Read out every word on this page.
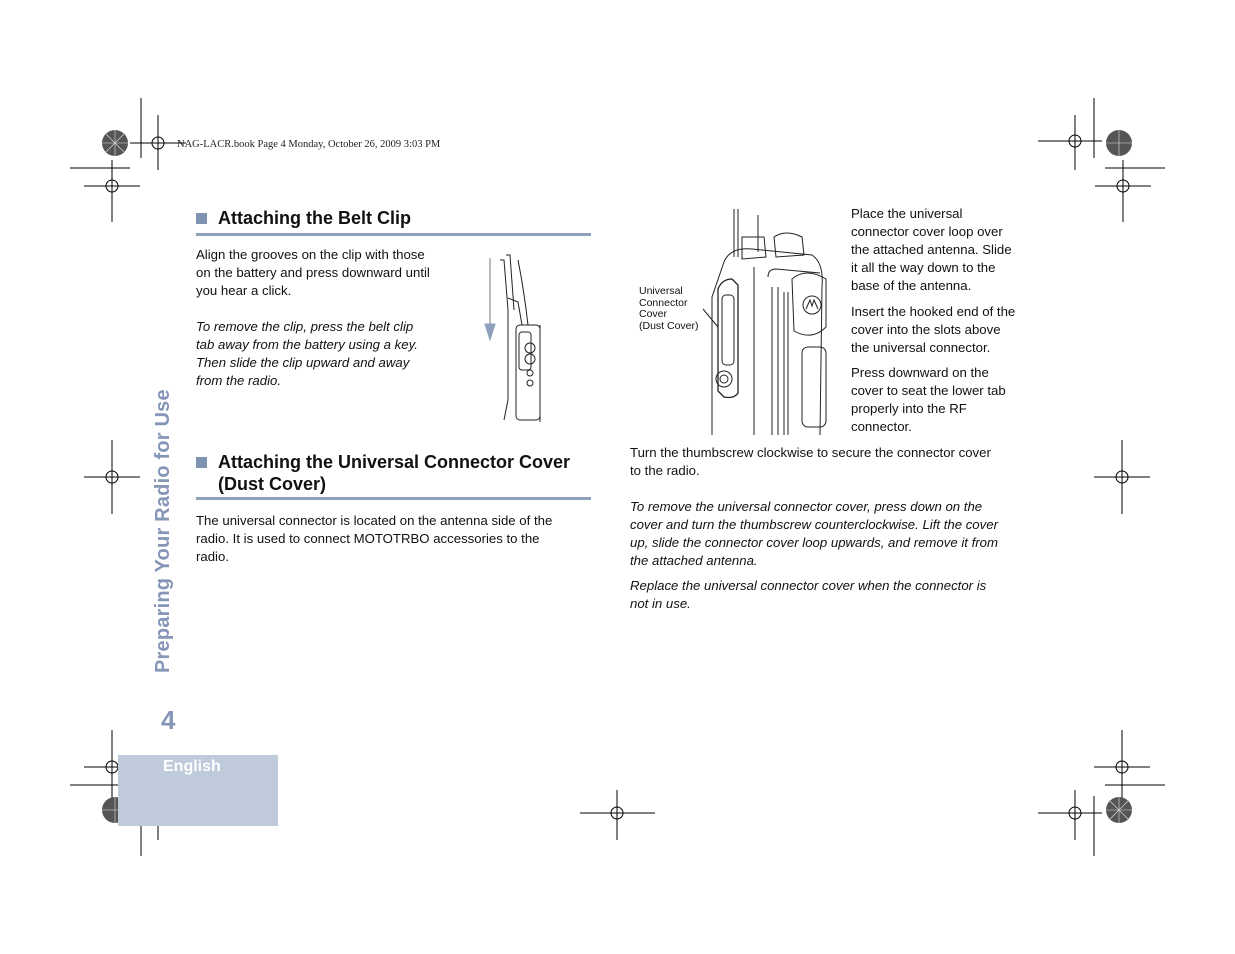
NAG-LACR.book Page 4 Monday, October 26, 2009 3:03 PM
Preparing Your Radio for Use
4
English
Attaching the Belt Clip
Align the grooves on the clip with those
on the battery and press downward until
you hear a click.
To remove the clip, press the belt clip
tab away from the battery using a key.
Then slide the clip upward and away
from the radio.
Attaching the Universal Connector Cover
(Dust Cover)
The universal connector is located on the antenna side of the
radio. It is used to connect MOTOTRBO accessories to the
radio.
Universal
Connector
Cover
(Dust Cover)
Place the universal
connector cover loop over
the attached antenna. Slide
it all the way down to the
base of the antenna.
Insert the hooked end of the
cover into the slots above
the universal connector.
Press downward on the
cover to seat the lower tab
properly into the RF
connector.
Turn the thumbscrew clockwise to secure the connector cover
to the radio.
To remove the universal connector cover, press down on the
cover and turn the thumbscrew counterclockwise. Lift the cover
up, slide the connector cover loop upwards, and remove it from
the attached antenna.
Replace the universal connector cover when the connector is
not in use.
